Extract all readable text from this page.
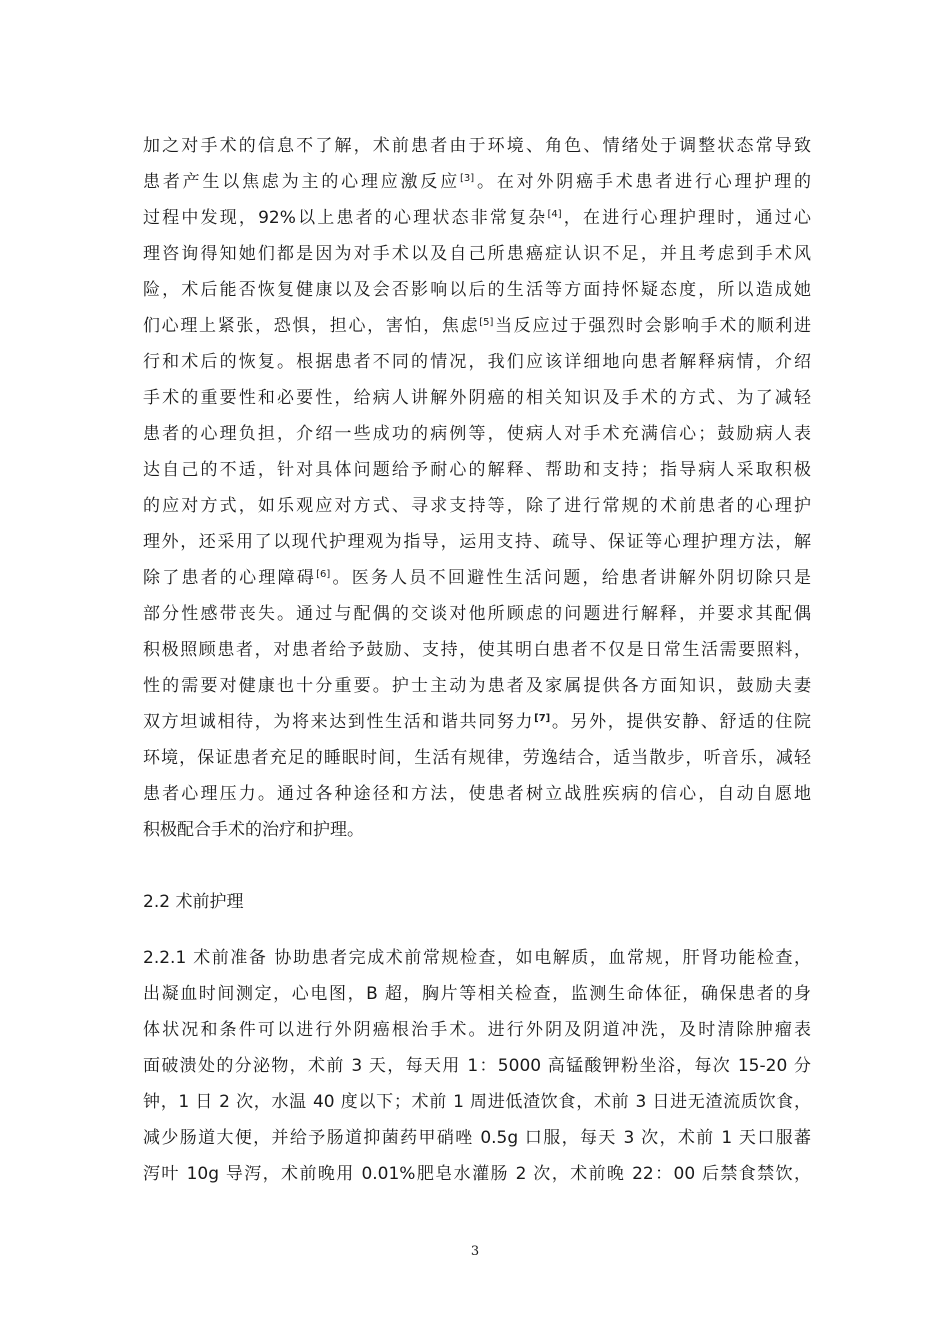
加之对手术的信息不了解，术前患者由于环境、角色、情绪处于调整状态常导致
患者产生以焦虑为主的心理应激反应[3]。在对外阴癌手术患者进行心理护理的
过程中发现，92%以上患者的心理状态非常复杂[4]，在进行心理护理时，通过心
理咨询得知她们都是因为对手术以及自己所患癌症认识不足，并且考虑到手术风
险，术后能否恢复健康以及会否影响以后的生活等方面持怀疑态度，所以造成她
们心理上紧张，恐惧，担心，害怕，焦虑[5]当反应过于强烈时会影响手术的顺利进
行和术后的恢复。根据患者不同的情况，我们应该详细地向患者解释病情，介绍
手术的重要性和必要性，给病人讲解外阴癌的相关知识及手术的方式、为了减轻
患者的心理负担，介绍一些成功的病例等，使病人对手术充满信心；鼓励病人表
达自己的不适，针对具体问题给予耐心的解释、帮助和支持；指导病人采取积极
的应对方式，如乐观应对方式、寻求支持等，除了进行常规的术前患者的心理护
理外，还采用了以现代护理观为指导，运用支持、疏导、保证等心理护理方法，解
除了患者的心理障碍[6]。医务人员不回避性生活问题，给患者讲解外阴切除只是
部分性感带丧失。通过与配偶的交谈对他所顾虑的问题进行解释，并要求其配偶
积极照顾患者，对患者给予鼓励、支持，使其明白患者不仅是日常生活需要照料，
性的需要对健康也十分重要。护士主动为患者及家属提供各方面知识，鼓励夫妻
双方坦诚相待，为将来达到性生活和谐共同努力[7]。另外，提供安静、舒适的住院
环境，保证患者充足的睡眠时间，生活有规律，劳逸结合，适当散步，听音乐，减轻
患者心理压力。通过各种途径和方法，使患者树立战胜疾病的信心，自动自愿地
积极配合手术的治疗和护理。
2.2 术前护理
2.2.1 术前准备 协助患者完成术前常规检查，如电解质，血常规，肝肾功能检查，
出凝血时间测定，心电图，B 超，胸片等相关检查，监测生命体征，确保患者的身
体状况和条件可以进行外阴癌根治手术。进行外阴及阴道冲洗，及时清除肿瘤表
面破溃处的分泌物，术前 3 天，每天用 1：5000 高锰酸钾粉坐浴，每次 15-20 分
钟，1 日 2 次，水温 40 度以下；术前 1 周进低渣饮食，术前 3 日进无渣流质饮食，
减少肠道大便，并给予肠道抑菌药甲硝唑 0.5g 口服，每天 3 次，术前 1 天口服蕃
泻叶 10g 导泻，术前晚用 0.01%肥皂水灌肠 2 次，术前晚 22：00 后禁食禁饮，
3
